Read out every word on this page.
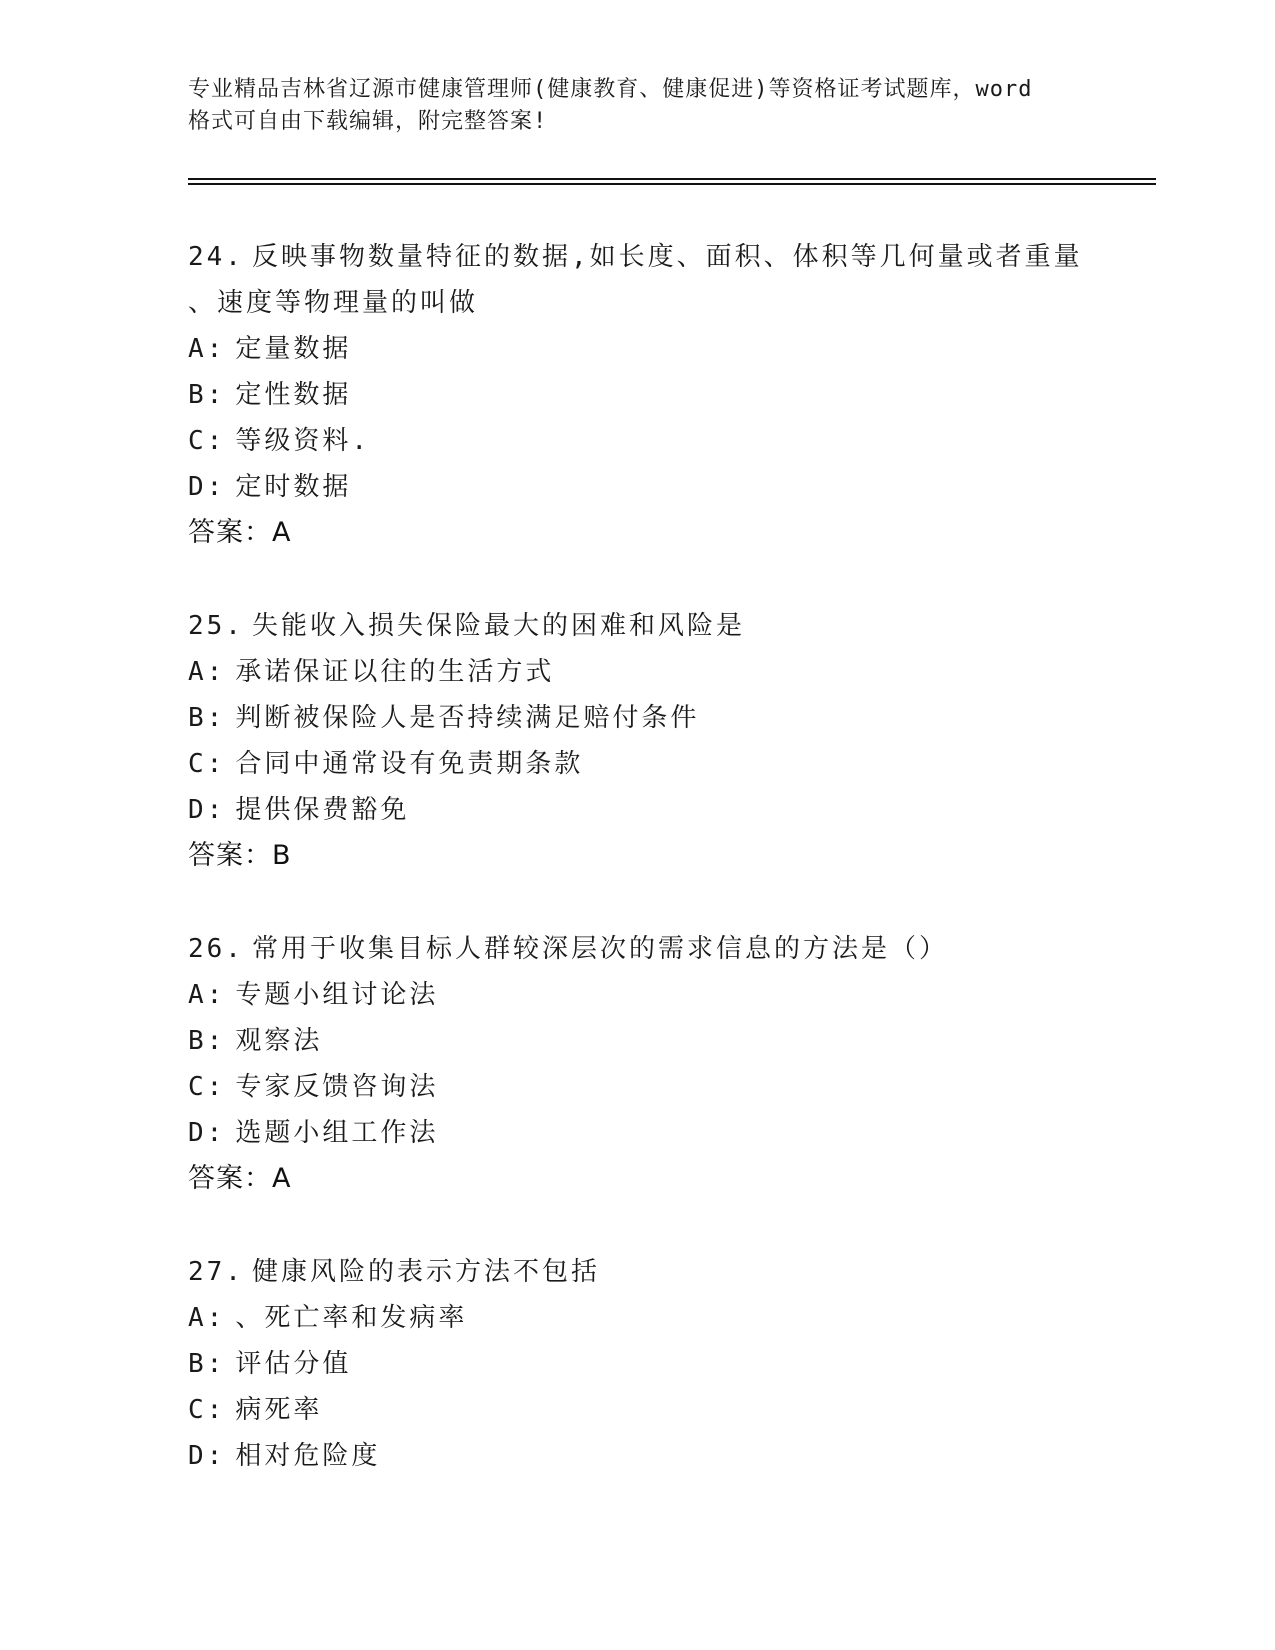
专业精品吉林省辽源市健康管理师(健康教育、健康促进)等资格证考试题库，word
格式可自由下载编辑，附完整答案!
24. 反映事物数量特征的数据,如长度、面积、体积等几何量或者重量
、速度等物理量的叫做
A: 定量数据
B: 定性数据
C: 等级资料.
D: 定时数据
答案：A
25. 失能收入损失保险最大的困难和风险是
A: 承诺保证以往的生活方式
B: 判断被保险人是否持续满足赔付条件
C: 合同中通常设有免责期条款
D: 提供保费豁免
答案：B
26. 常用于收集目标人群较深层次的需求信息的方法是（）
A: 专题小组讨论法
B: 观察法
C: 专家反馈咨询法
D: 选题小组工作法
答案：A
27. 健康风险的表示方法不包括
A: 、死亡率和发病率
B: 评估分值
C: 病死率
D: 相对危险度
